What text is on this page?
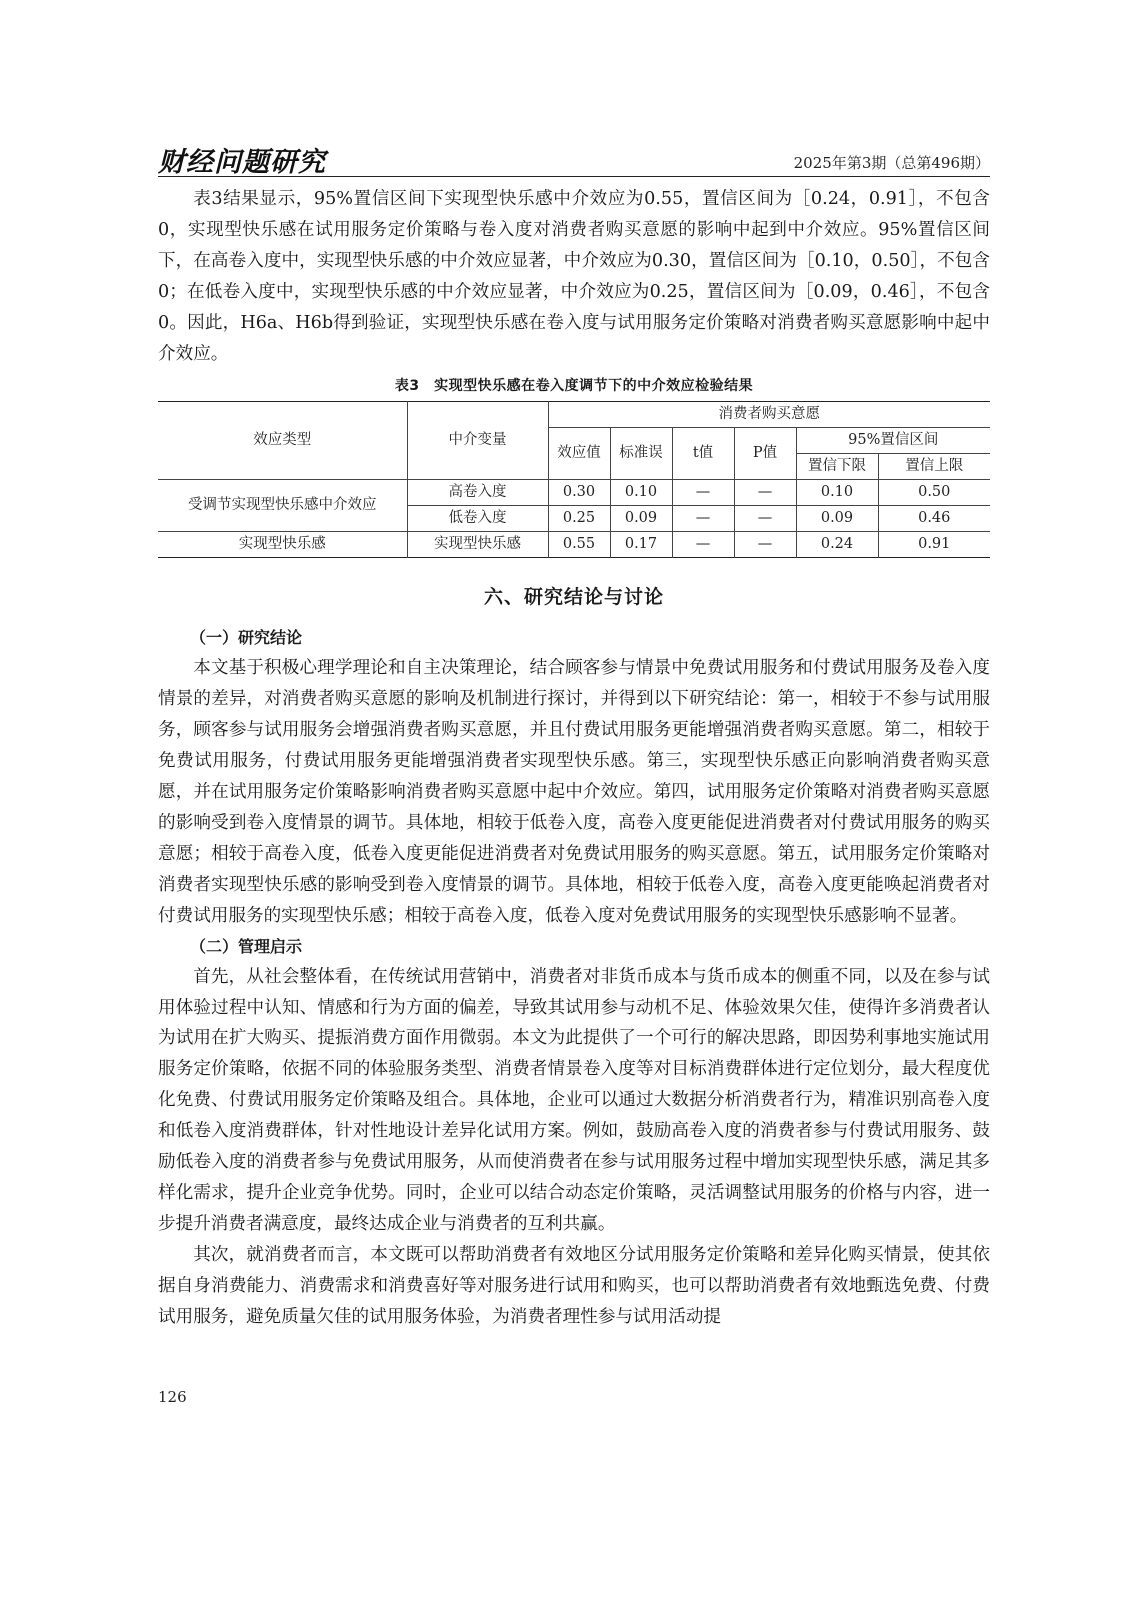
财经问题研究	2025年第3期（总第496期）

表3结果显示，95%置信区间下实现型快乐感中介效应为0.55，置信区间为［0.24，0.91］，不包含0，实现型快乐感在试用服务定价策略与卷入度对消费者购买意愿的影响中起到中介效应。95%置信区间下，在高卷入度中，实现型快乐感的中介效应显著，中介效应为0.30，置信区间为［0.10，0.50］，不包含0；在低卷入度中，实现型快乐感的中介效应显著，中介效应为0.25，置信区间为［0.09，0.46］，不包含0。因此，H6a、H6b得到验证，实现型快乐感在卷入度与试用服务定价策略对消费者购买意愿影响中起中介效应。

表3　实现型快乐感在卷入度调节下的中介效应检验结果
效应类型	中介变量	消费者购买意愿					
		效应值	标准误	t值	P值	95%置信区间	
						置信下限	置信上限
受调节实现型快乐感中介效应	高卷入度	0.30	0.10	—	—	0.10	0.50
	低卷入度	0.25	0.09	—	—	0.09	0.46
实现型快乐感	实现型快乐感	0.55	0.17	—	—	0.24	0.91
六、研究结论与讨论
（一）研究结论

本文基于积极心理学理论和自主决策理论，结合顾客参与情景中免费试用服务和付费试用服务及卷入度情景的差异，对消费者购买意愿的影响及机制进行探讨，并得到以下研究结论：第一，相较于不参与试用服务，顾客参与试用服务会增强消费者购买意愿，并且付费试用服务更能增强消费者购买意愿。第二，相较于免费试用服务，付费试用服务更能增强消费者实现型快乐感。第三，实现型快乐感正向影响消费者购买意愿，并在试用服务定价策略影响消费者购买意愿中起中介效应。第四，试用服务定价策略对消费者购买意愿的影响受到卷入度情景的调节。具体地，相较于低卷入度，高卷入度更能促进消费者对付费试用服务的购买意愿；相较于高卷入度，低卷入度更能促进消费者对免费试用服务的购买意愿。第五，试用服务定价策略对消费者实现型快乐感的影响受到卷入度情景的调节。具体地，相较于低卷入度，高卷入度更能唤起消费者对付费试用服务的实现型快乐感；相较于高卷入度，低卷入度对免费试用服务的实现型快乐感影响不显著。

（二）管理启示

首先，从社会整体看，在传统试用营销中，消费者对非货币成本与货币成本的侧重不同，以及在参与试用体验过程中认知、情感和行为方面的偏差，导致其试用参与动机不足、体验效果欠佳，使得许多消费者认为试用在扩大购买、提振消费方面作用微弱。本文为此提供了一个可行的解决思路，即因势利事地实施试用服务定价策略，依据不同的体验服务类型、消费者情景卷入度等对目标消费群体进行定位划分，最大程度优化免费、付费试用服务定价策略及组合。具体地，企业可以通过大数据分析消费者行为，精准识别高卷入度和低卷入度消费群体，针对性地设计差异化试用方案。例如，鼓励高卷入度的消费者参与付费试用服务、鼓励低卷入度的消费者参与免费试用服务，从而使消费者在参与试用服务过程中增加实现型快乐感，满足其多样化需求，提升企业竞争优势。同时，企业可以结合动态定价策略，灵活调整试用服务的价格与内容，进一步提升消费者满意度，最终达成企业与消费者的互利共赢。

其次，就消费者而言，本文既可以帮助消费者有效地区分试用服务定价策略和差异化购买情景，使其依据自身消费能力、消费需求和消费喜好等对服务进行试用和购买，也可以帮助消费者有效地甄选免费、付费试用服务，避免质量欠佳的试用服务体验，为消费者理性参与试用活动提

126
